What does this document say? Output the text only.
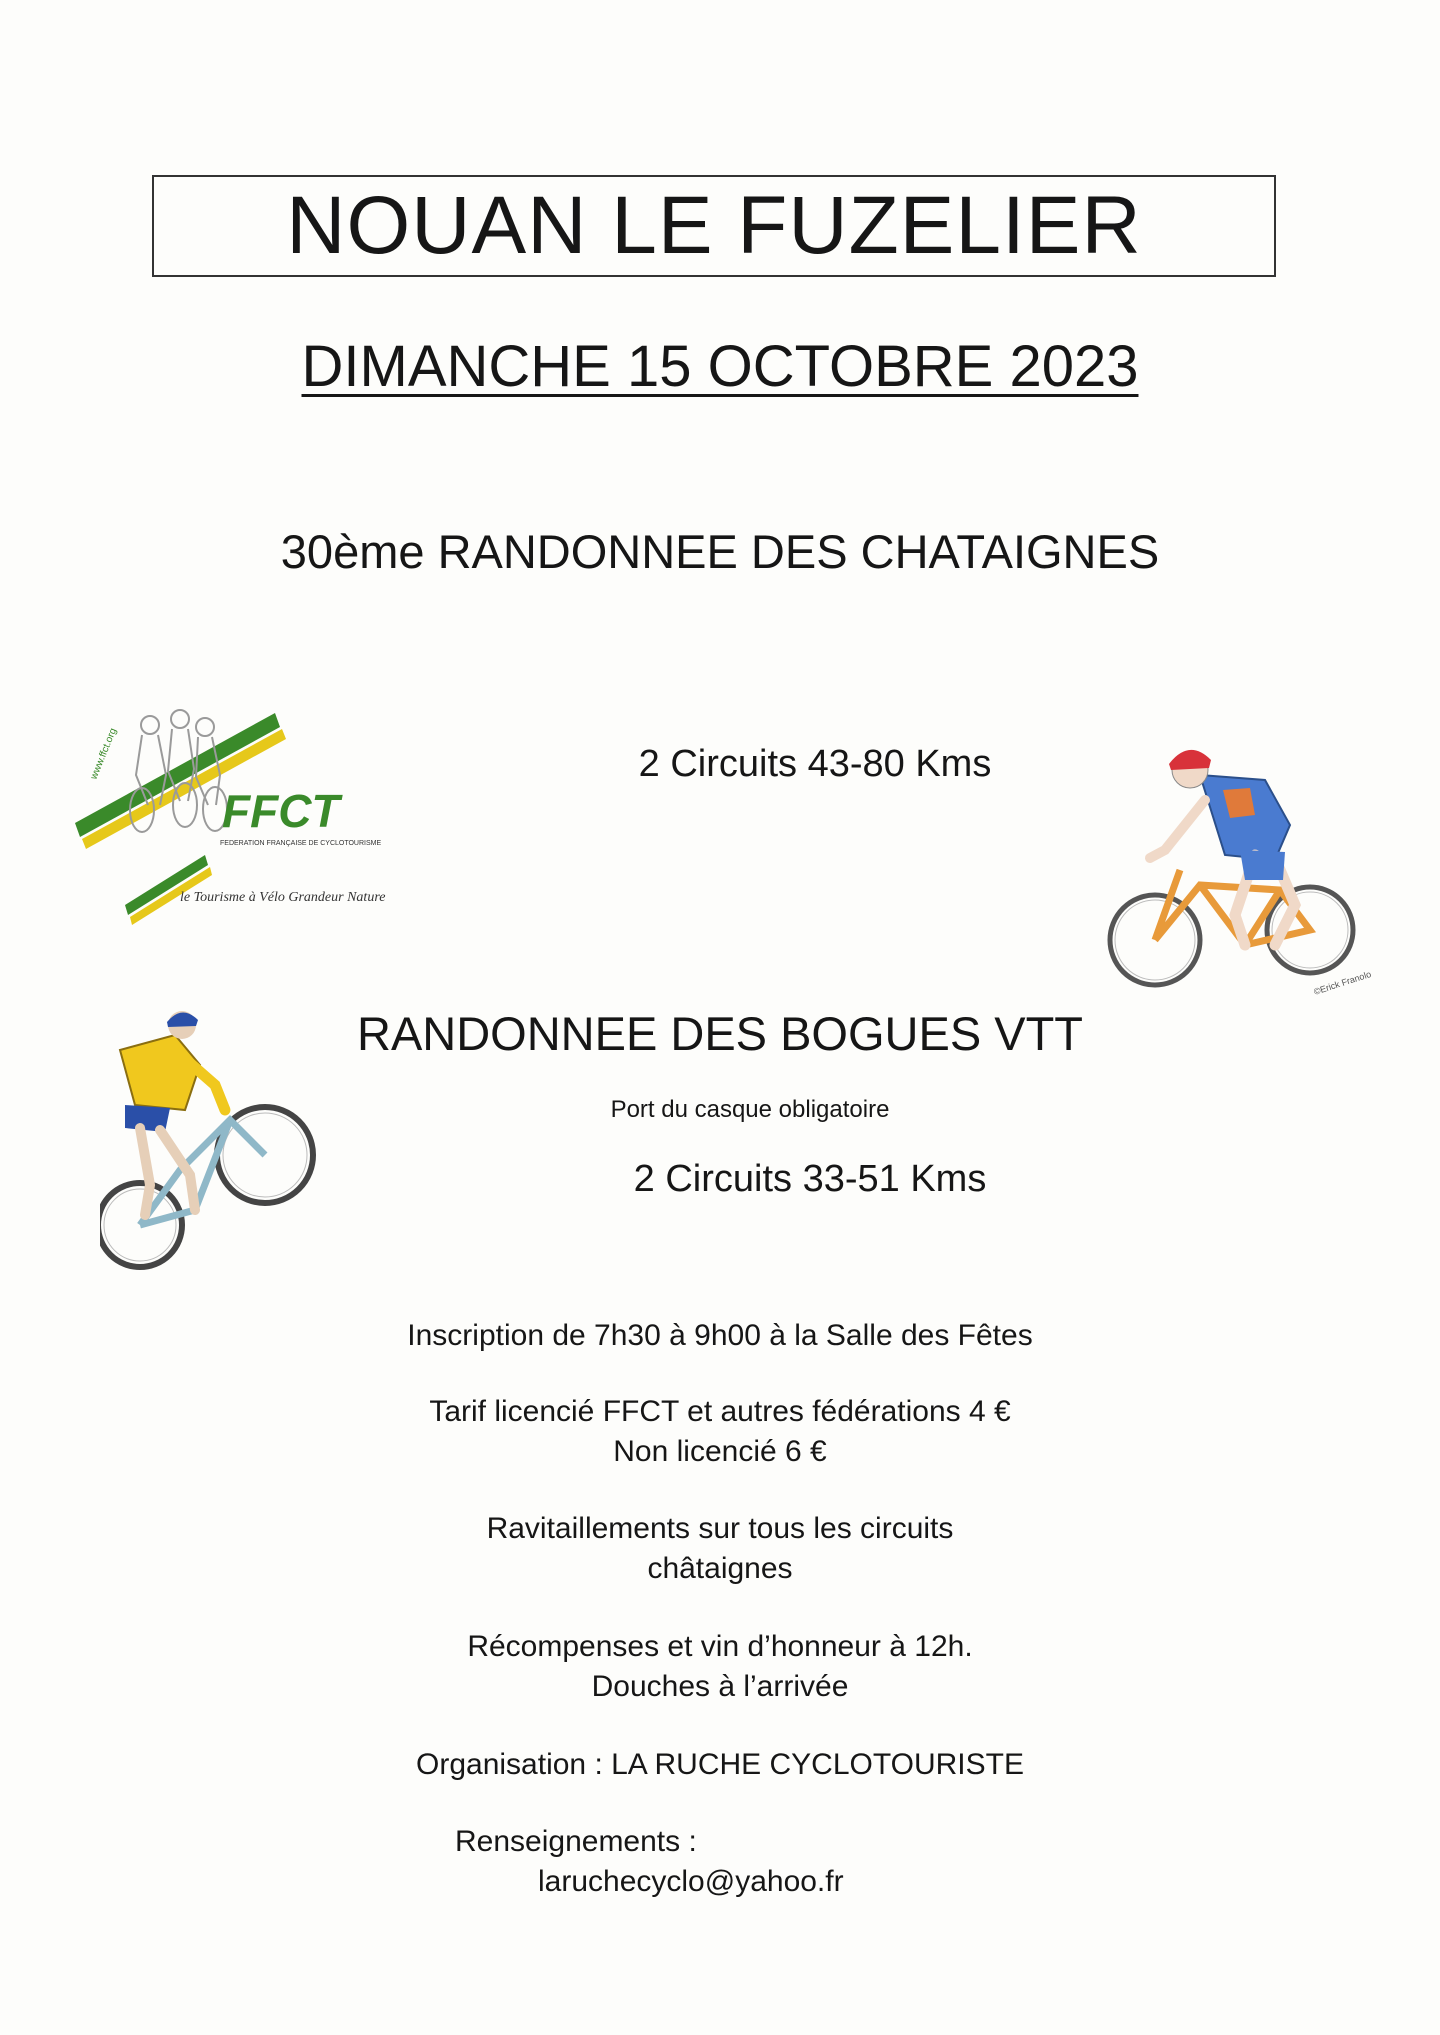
NOUAN LE FUZELIER
DIMANCHE 15 OCTOBRE 2023
30ème RANDONNEE DES CHATAIGNES
www.ffct.org
FFCT
FEDERATION FRANÇAISE DE CYCLOTOURISME
le Tourisme à Vélo Grandeur Nature
2 Circuits 43-80 Kms
©Erick Franolo
RANDONNEE DES BOGUES VTT
Port du casque obligatoire
2 Circuits 33-51 Kms
Inscription de 7h30 à 9h00 à la Salle des Fêtes
Tarif licencié FFCT et autres fédérations 4 €
Non licencié 6 €
Ravitaillements sur tous les circuits
châtaignes
Récompenses et vin d’honneur à 12h.
Douches à l’arrivée
Organisation : LA RUCHE CYCLOTOURISTE
Renseignements :
laruchecyclo@yahoo.fr
